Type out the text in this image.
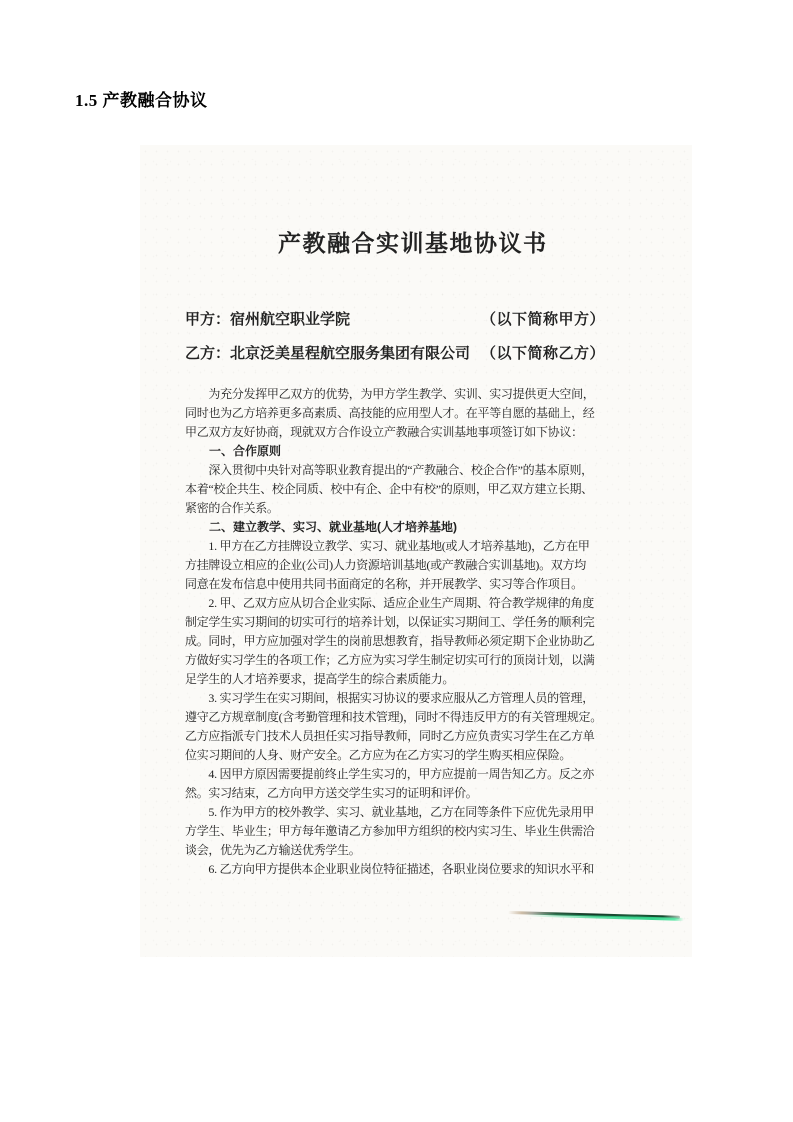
1.5 产教融合协议
产教融合实训基地协议书
甲方：宿州航空职业学院	（以下简称甲方）
乙方：北京泛美星程航空服务集团有限公司 （以下简称乙方）
　　为充分发挥甲乙双方的优势，为甲方学生教学、实训、实习提供更大空间，
同时也为乙方培养更多高素质、高技能的应用型人才。在平等自愿的基础上，经
甲乙双方友好协商，现就双方合作设立产教融合实训基地事项签订如下协议：
　　一、合作原则
　　深入贯彻中央针对高等职业教育提出的“产教融合、校企合作”的基本原则，
本着“校企共生、校企同质、校中有企、企中有校”的原则，甲乙双方建立长期、
紧密的合作关系。
　　二、建立教学、实习、就业基地(人才培养基地)
　　1. 甲方在乙方挂牌设立教学、实习、就业基地(或人才培养基地)，乙方在甲
方挂牌设立相应的企业(公司)人力资源培训基地(或产教融合实训基地)。双方均
同意在发布信息中使用共同书面商定的名称，并开展教学、实习等合作项目。
　　2. 甲、乙双方应从切合企业实际、适应企业生产周期、符合教学规律的角度
制定学生实习期间的切实可行的培养计划，以保证实习期间工、学任务的顺利完
成。同时，甲方应加强对学生的岗前思想教育，指导教师必须定期下企业协助乙
方做好实习学生的各项工作；乙方应为实习学生制定切实可行的顶岗计划，以满
足学生的人才培养要求，提高学生的综合素质能力。
　　3. 实习学生在实习期间，根据实习协议的要求应服从乙方管理人员的管理，
遵守乙方规章制度(含考勤管理和技术管理)，同时不得违反甲方的有关管理规定。
乙方应指派专门技术人员担任实习指导教师，同时乙方应负责实习学生在乙方单
位实习期间的人身、财产安全。乙方应为在乙方实习的学生购买相应保险。
　　4. 因甲方原因需要提前终止学生实习的，甲方应提前一周告知乙方。反之亦
然。实习结束，乙方向甲方送交学生实习的证明和评价。
　　5. 作为甲方的校外教学、实习、就业基地，乙方在同等条件下应优先录用甲
方学生、毕业生；甲方每年邀请乙方参加甲方组织的校内实习生、毕业生供需洽
谈会，优先为乙方输送优秀学生。
　　6. 乙方向甲方提供本企业职业岗位特征描述，各职业岗位要求的知识水平和
